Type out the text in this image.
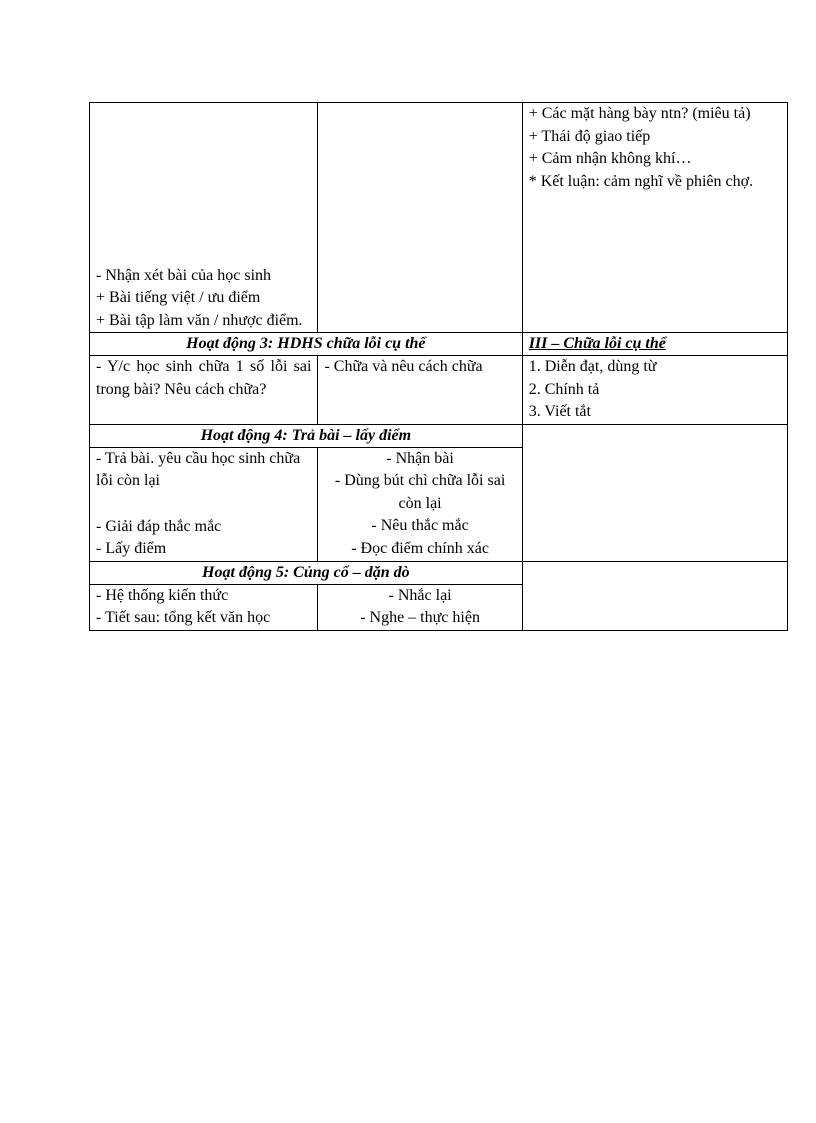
- Nhận xét bài của học sinh
+ Bài tiếng việt / ưu điểm
+ Bài tập làm văn / nhược điểm.		+ Các mặt hàng bày ntn? (miêu tả)
+ Thái độ giao tiếp
+ Cảm nhận không khí…
* Kết luận: cảm nghĩ về phiên chợ.

Hoạt động 3: HDHS chữa lỗi cụ thể		III – Chữa lỗi cụ thể
- Y/c học sinh chữa 1 số lỗi sai trong bài? Nêu cách chữa?	- Chữa và nêu cách chữa	1. Diễn đạt, dùng từ
2. Chính tả
3. Viết tắt

Hoạt động 4: Trả bài – lấy điểm		

- Trả bài. yêu cầu học sinh chữa lỗi còn lại
- Giải đáp thắc mắc
- Lấy điểm	- Nhận bài
- Dùng bút chì chữa lỗi sai còn lại
- Nêu thắc mắc
- Đọc điểm chính xác	

Hoạt động 5: Củng cố – dặn dò		

- Hệ thống kiến thức
- Tiết sau: tổng kết văn học	- Nhắc lại
- Nghe – thực hiện	
